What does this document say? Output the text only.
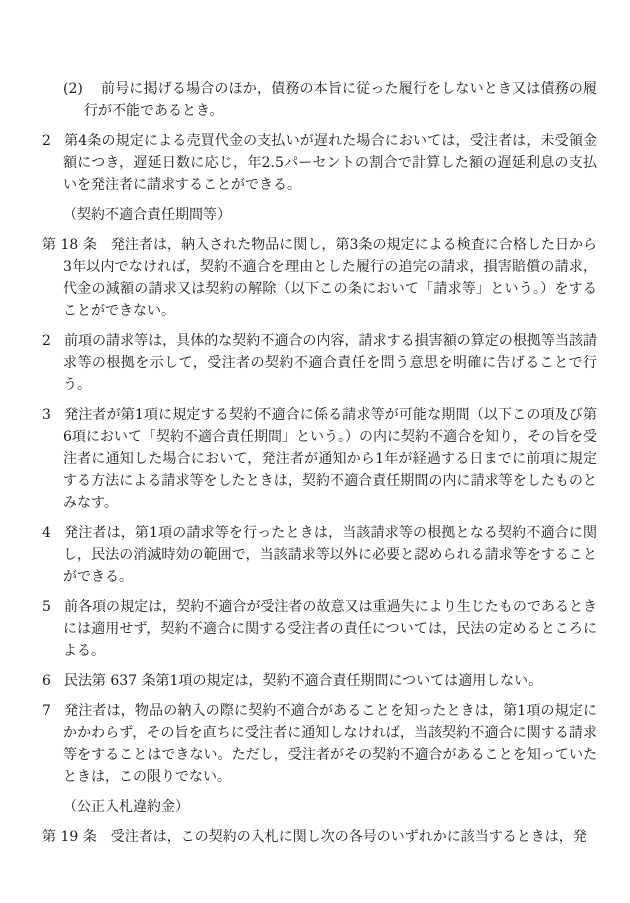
(2) 前号に掲げる場合のほか，債務の本旨に従った履行をしないとき又は債務の履行が不能であるとき。

2 第4条の規定による売買代金の支払いが遅れた場合においては，受注者は，未受領金額につき，遅延日数に応じ，年2.5パーセントの割合で計算した額の遅延利息の支払いを発注者に請求することができる。

（契約不適合責任期間等）

第 18 条 発注者は，納入された物品に関し，第3条の規定による検査に合格した日から3年以内でなければ，契約不適合を理由とした履行の追完の請求，損害賠償の請求，代金の減額の請求又は契約の解除（以下この条において「請求等」という。）をすることができない。

2 前項の請求等は，具体的な契約不適合の内容，請求する損害額の算定の根拠等当該請求等の根拠を示して，受注者の契約不適合責任を問う意思を明確に告げることで行う。

3 発注者が第1項に規定する契約不適合に係る請求等が可能な期間（以下この項及び第6項において「契約不適合責任期間」という。）の内に契約不適合を知り，その旨を受注者に通知した場合において，発注者が通知から1年が経過する日までに前項に規定する方法による請求等をしたときは，契約不適合責任期間の内に請求等をしたものとみなす。

4 発注者は，第1項の請求等を行ったときは，当該請求等の根拠となる契約不適合に関し，民法の消滅時効の範囲で，当該請求等以外に必要と認められる請求等をすることができる。

5 前各項の規定は，契約不適合が受注者の故意又は重過失により生じたものであるときには適用せず，契約不適合に関する受注者の責任については，民法の定めるところによる。

6 民法第 637 条第1項の規定は，契約不適合責任期間については適用しない。

7 発注者は，物品の納入の際に契約不適合があることを知ったときは，第1項の規定にかかわらず，その旨を直ちに受注者に通知しなければ，当該契約不適合に関する請求等をすることはできない。ただし，受注者がその契約不適合があることを知っていたときは，この限りでない。

（公正入札違約金）

第 19 条 受注者は，この契約の入札に関し次の各号のいずれかに該当するときは，発
